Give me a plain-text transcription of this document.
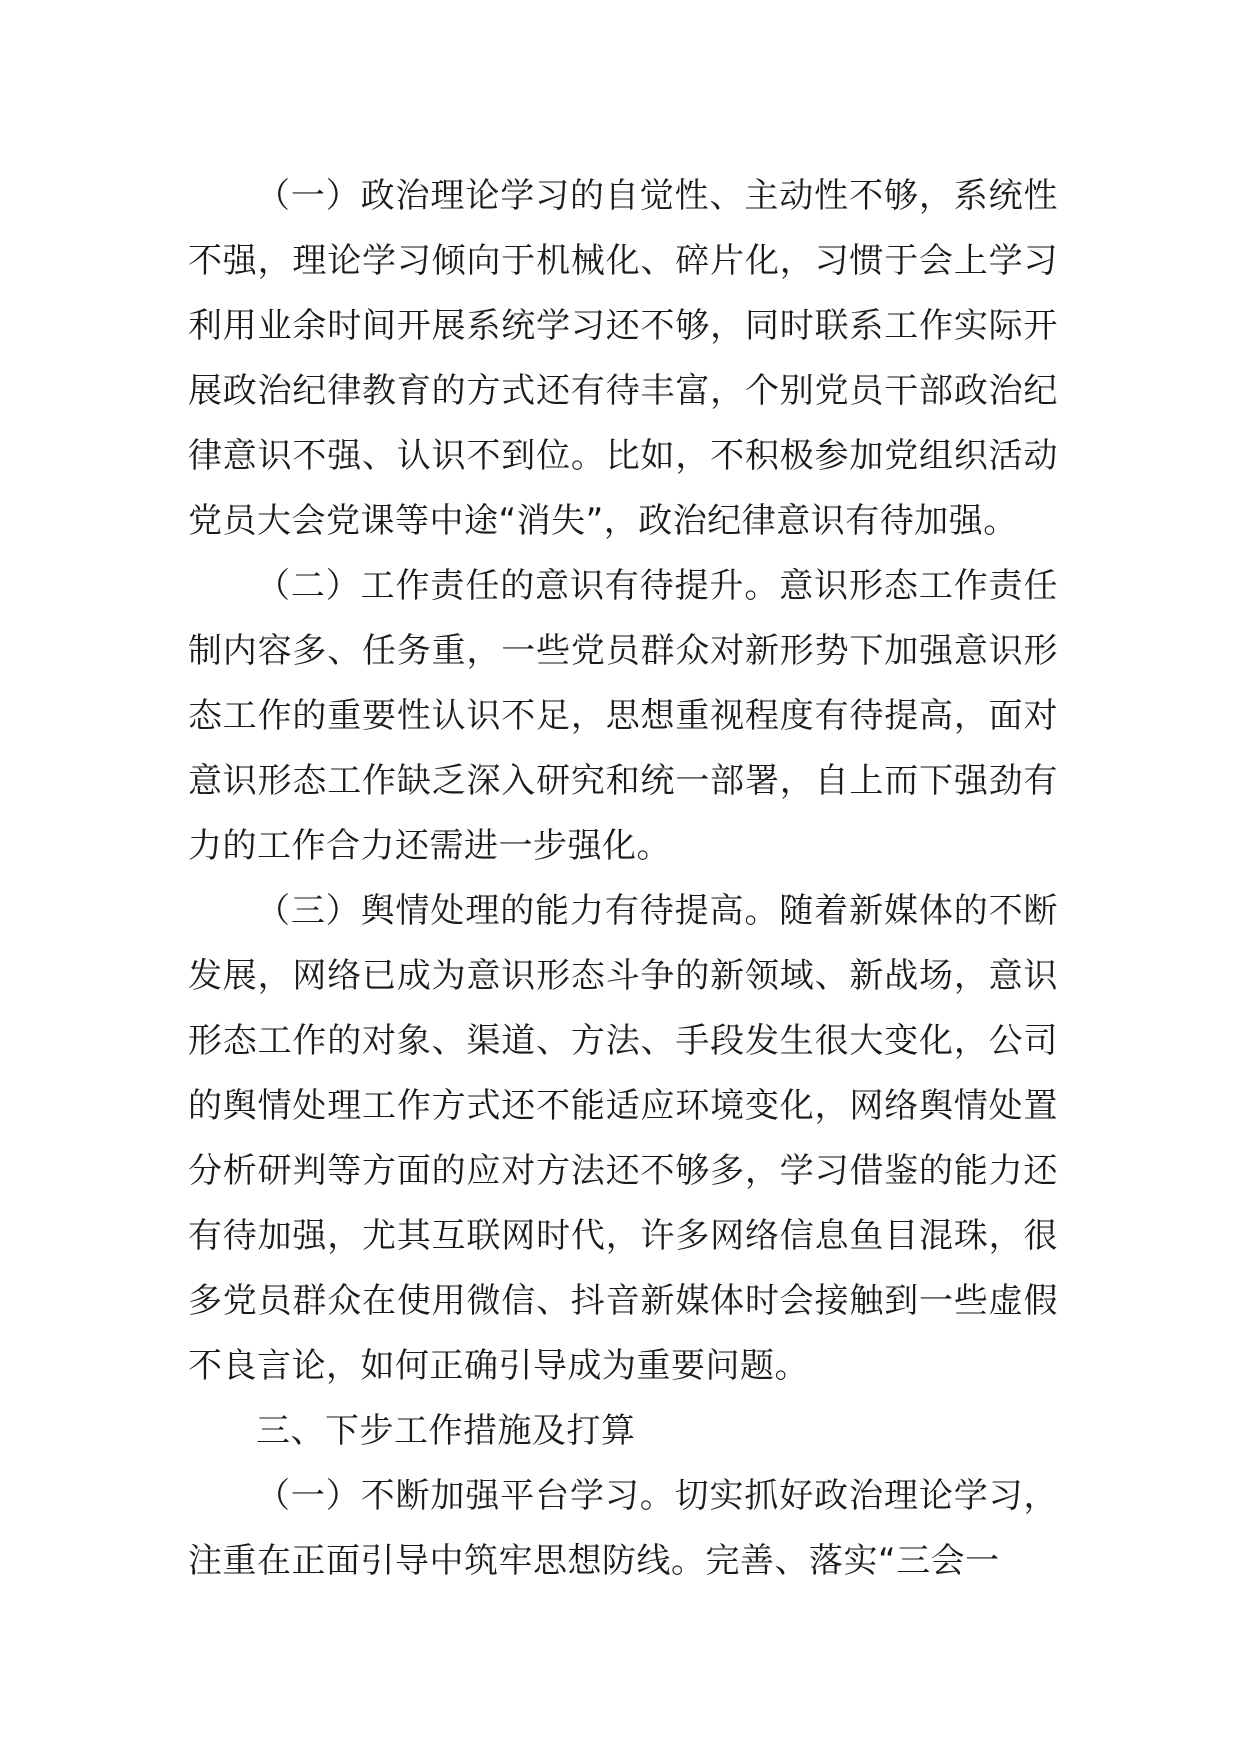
（一）政治理论学习的自觉性、主动性不够，系统性不强，理论学习倾向于机械化、碎片化，习惯于会上学习利用业余时间开展系统学习还不够，同时联系工作实际开展政治纪律教育的方式还有待丰富，个别党员干部政治纪律意识不强、认识不到位。比如，不积极参加党组织活动党员大会党课等中途“消失”，政治纪律意识有待加强。

（二）工作责任的意识有待提升。意识形态工作责任制内容多、任务重，一些党员群众对新形势下加强意识形态工作的重要性认识不足，思想重视程度有待提高，面对意识形态工作缺乏深入研究和统一部署，自上而下强劲有力的工作合力还需进一步强化。

（三）舆情处理的能力有待提高。随着新媒体的不断发展，网络已成为意识形态斗争的新领域、新战场，意识形态工作的对象、渠道、方法、手段发生很大变化，公司的舆情处理工作方式还不能适应环境变化，网络舆情处置分析研判等方面的应对方法还不够多，学习借鉴的能力还有待加强，尤其互联网时代，许多网络信息鱼目混珠，很多党员群众在使用微信、抖音新媒体时会接触到一些虚假不良言论，如何正确引导成为重要问题。

三、下步工作措施及打算

（一）不断加强平台学习。切实抓好政治理论学习，注重在正面引导中筑牢思想防线。完善、落实“三会一
